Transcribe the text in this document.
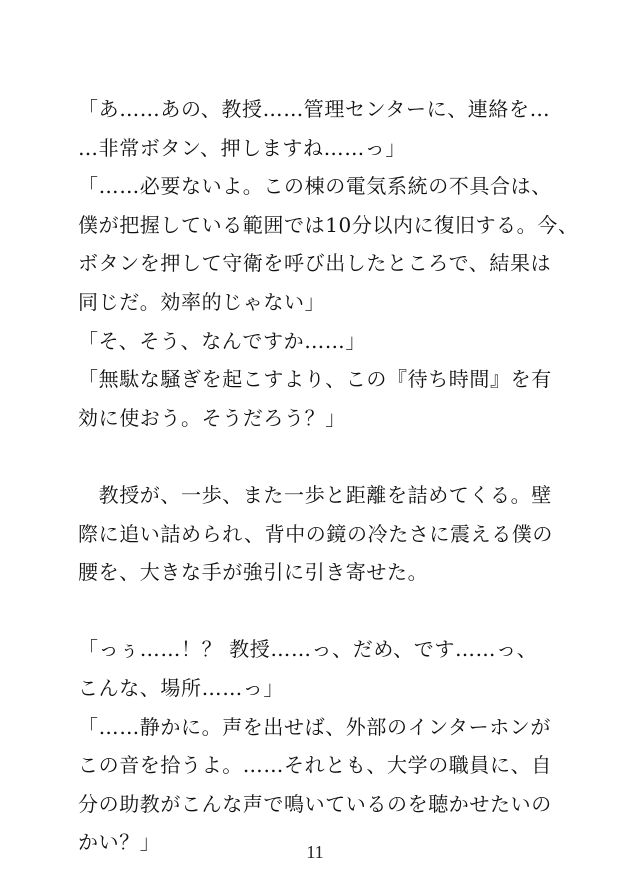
「あ……あの、教授……管理センターに、連絡を…
…非常ボタン、押しますね……っ」
「……必要ないよ。この棟の電気系統の不具合は、
僕が把握している範囲では10分以内に復旧する。今、
ボタンを押して守衛を呼び出したところで、結果は
同じだ。効率的じゃない」
「そ、そう、なんですか……」
「無駄な騒ぎを起こすより、この『待ち時間』を有
効に使おう。そうだろう？」
　教授が、一歩、また一歩と距離を詰めてくる。壁
際に追い詰められ、背中の鏡の冷たさに震える僕の
腰を、大きな手が強引に引き寄せた。
「っぅ……！？ 教授……っ、だめ、です……っ、
こんな、場所……っ」
「……静かに。声を出せば、外部のインターホンが
この音を拾うよ。……それとも、大学の職員に、自
分の助教がこんな声で鳴いているのを聴かせたいの
かい？」	11
